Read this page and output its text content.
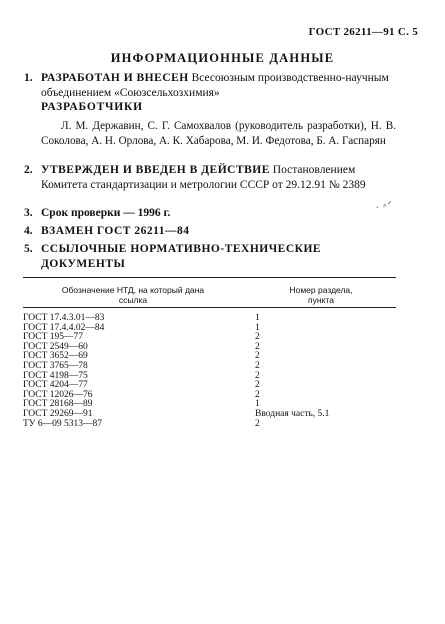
ГОСТ 26211—91 С. 5
ИНФОРМАЦИОННЫЕ ДАННЫЕ
1. РАЗРАБОТАН И ВНЕСЕН Всесоюзным производственно-научным объединением «Союзсельхозхимия»
РАЗРАБОТЧИКИ
Л. М. Державин, С. Г. Самохвалов (руководитель разработки), Н. В. Соколова, А. Н. Орлова, А. К. Хабарова, М. И. Федотова, Б. А. Гаспарян
2. УТВЕРЖДЕН И ВВЕДЕН В ДЕЙСТВИЕ Постановлением Комитета стандартизации и метрологии СССР от 29.12.91 № 2389
3. Срок проверки — 1996 г.
. ⸗ᐟ
4. ВЗАМЕН ГОСТ 26211—84
5. ССЫЛОЧНЫЕ НОРМАТИВНО-ТЕХНИЧЕСКИЕ ДОКУМЕНТЫ
Обозначение НТД, на который дана ссылка
Номер раздела, пункта
ГОСТ 17.4.3.01—83	1
ГОСТ 17.4.4.02—84	1
ГОСТ 195—77	2
ГОСТ 2549—60	2
ГОСТ 3652—69	2
ГОСТ 3765—78	2
ГОСТ 4198—75	2
ГОСТ 4204—77	2
ГОСТ 12026—76	2
ГОСТ 28168—89	1
ГОСТ 29269—91	Вводная часть, 5.1
ТУ 6—09 5313—87	2
